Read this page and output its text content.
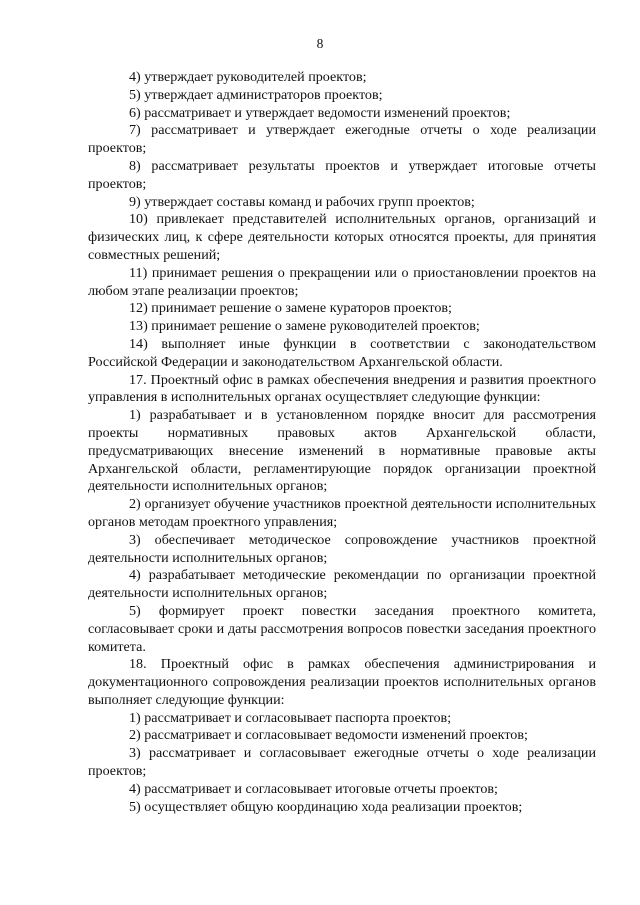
8

4) утверждает руководителей проектов;

5) утверждает администраторов проектов;

6) рассматривает и утверждает ведомости изменений проектов;

7) рассматривает и утверждает ежегодные отчеты о ходе реализации проектов;

8) рассматривает результаты проектов и утверждает итоговые отчеты проектов;

9) утверждает составы команд и рабочих групп проектов;

10) привлекает представителей исполнительных органов, организаций и физических лиц, к сфере деятельности которых относятся проекты, для принятия совместных решений;

11) принимает решения о прекращении или о приостановлении проектов на любом этапе реализации проектов;

12) принимает решение о замене кураторов проектов;

13) принимает решение о замене руководителей проектов;

14) выполняет иные функции в соответствии с законодательством Российской Федерации и законодательством Архангельской области.

17. Проектный офис в рамках обеспечения внедрения и развития проектного управления в исполнительных органах осуществляет следующие функции:

1) разрабатывает и в установленном порядке вносит для рассмотрения проекты нормативных правовых актов Архангельской области, предусматривающих внесение изменений в нормативные правовые акты Архангельской области, регламентирующие порядок организации проектной деятельности исполнительных органов;

2) организует обучение участников проектной деятельности исполнительных органов методам проектного управления;

3) обеспечивает методическое сопровождение участников проектной деятельности исполнительных органов;

4) разрабатывает методические рекомендации по организации проектной деятельности исполнительных органов;

5) формирует проект повестки заседания проектного комитета, согласовывает сроки и даты рассмотрения вопросов повестки заседания проектного комитета.

18. Проектный офис в рамках обеспечения администрирования и документационного сопровождения реализации проектов исполнительных органов выполняет следующие функции:

1) рассматривает и согласовывает паспорта проектов;

2) рассматривает и согласовывает ведомости изменений проектов;

3) рассматривает и согласовывает ежегодные отчеты о ходе реализации проектов;

4) рассматривает и согласовывает итоговые отчеты проектов;

5) осуществляет общую координацию хода реализации проектов;
